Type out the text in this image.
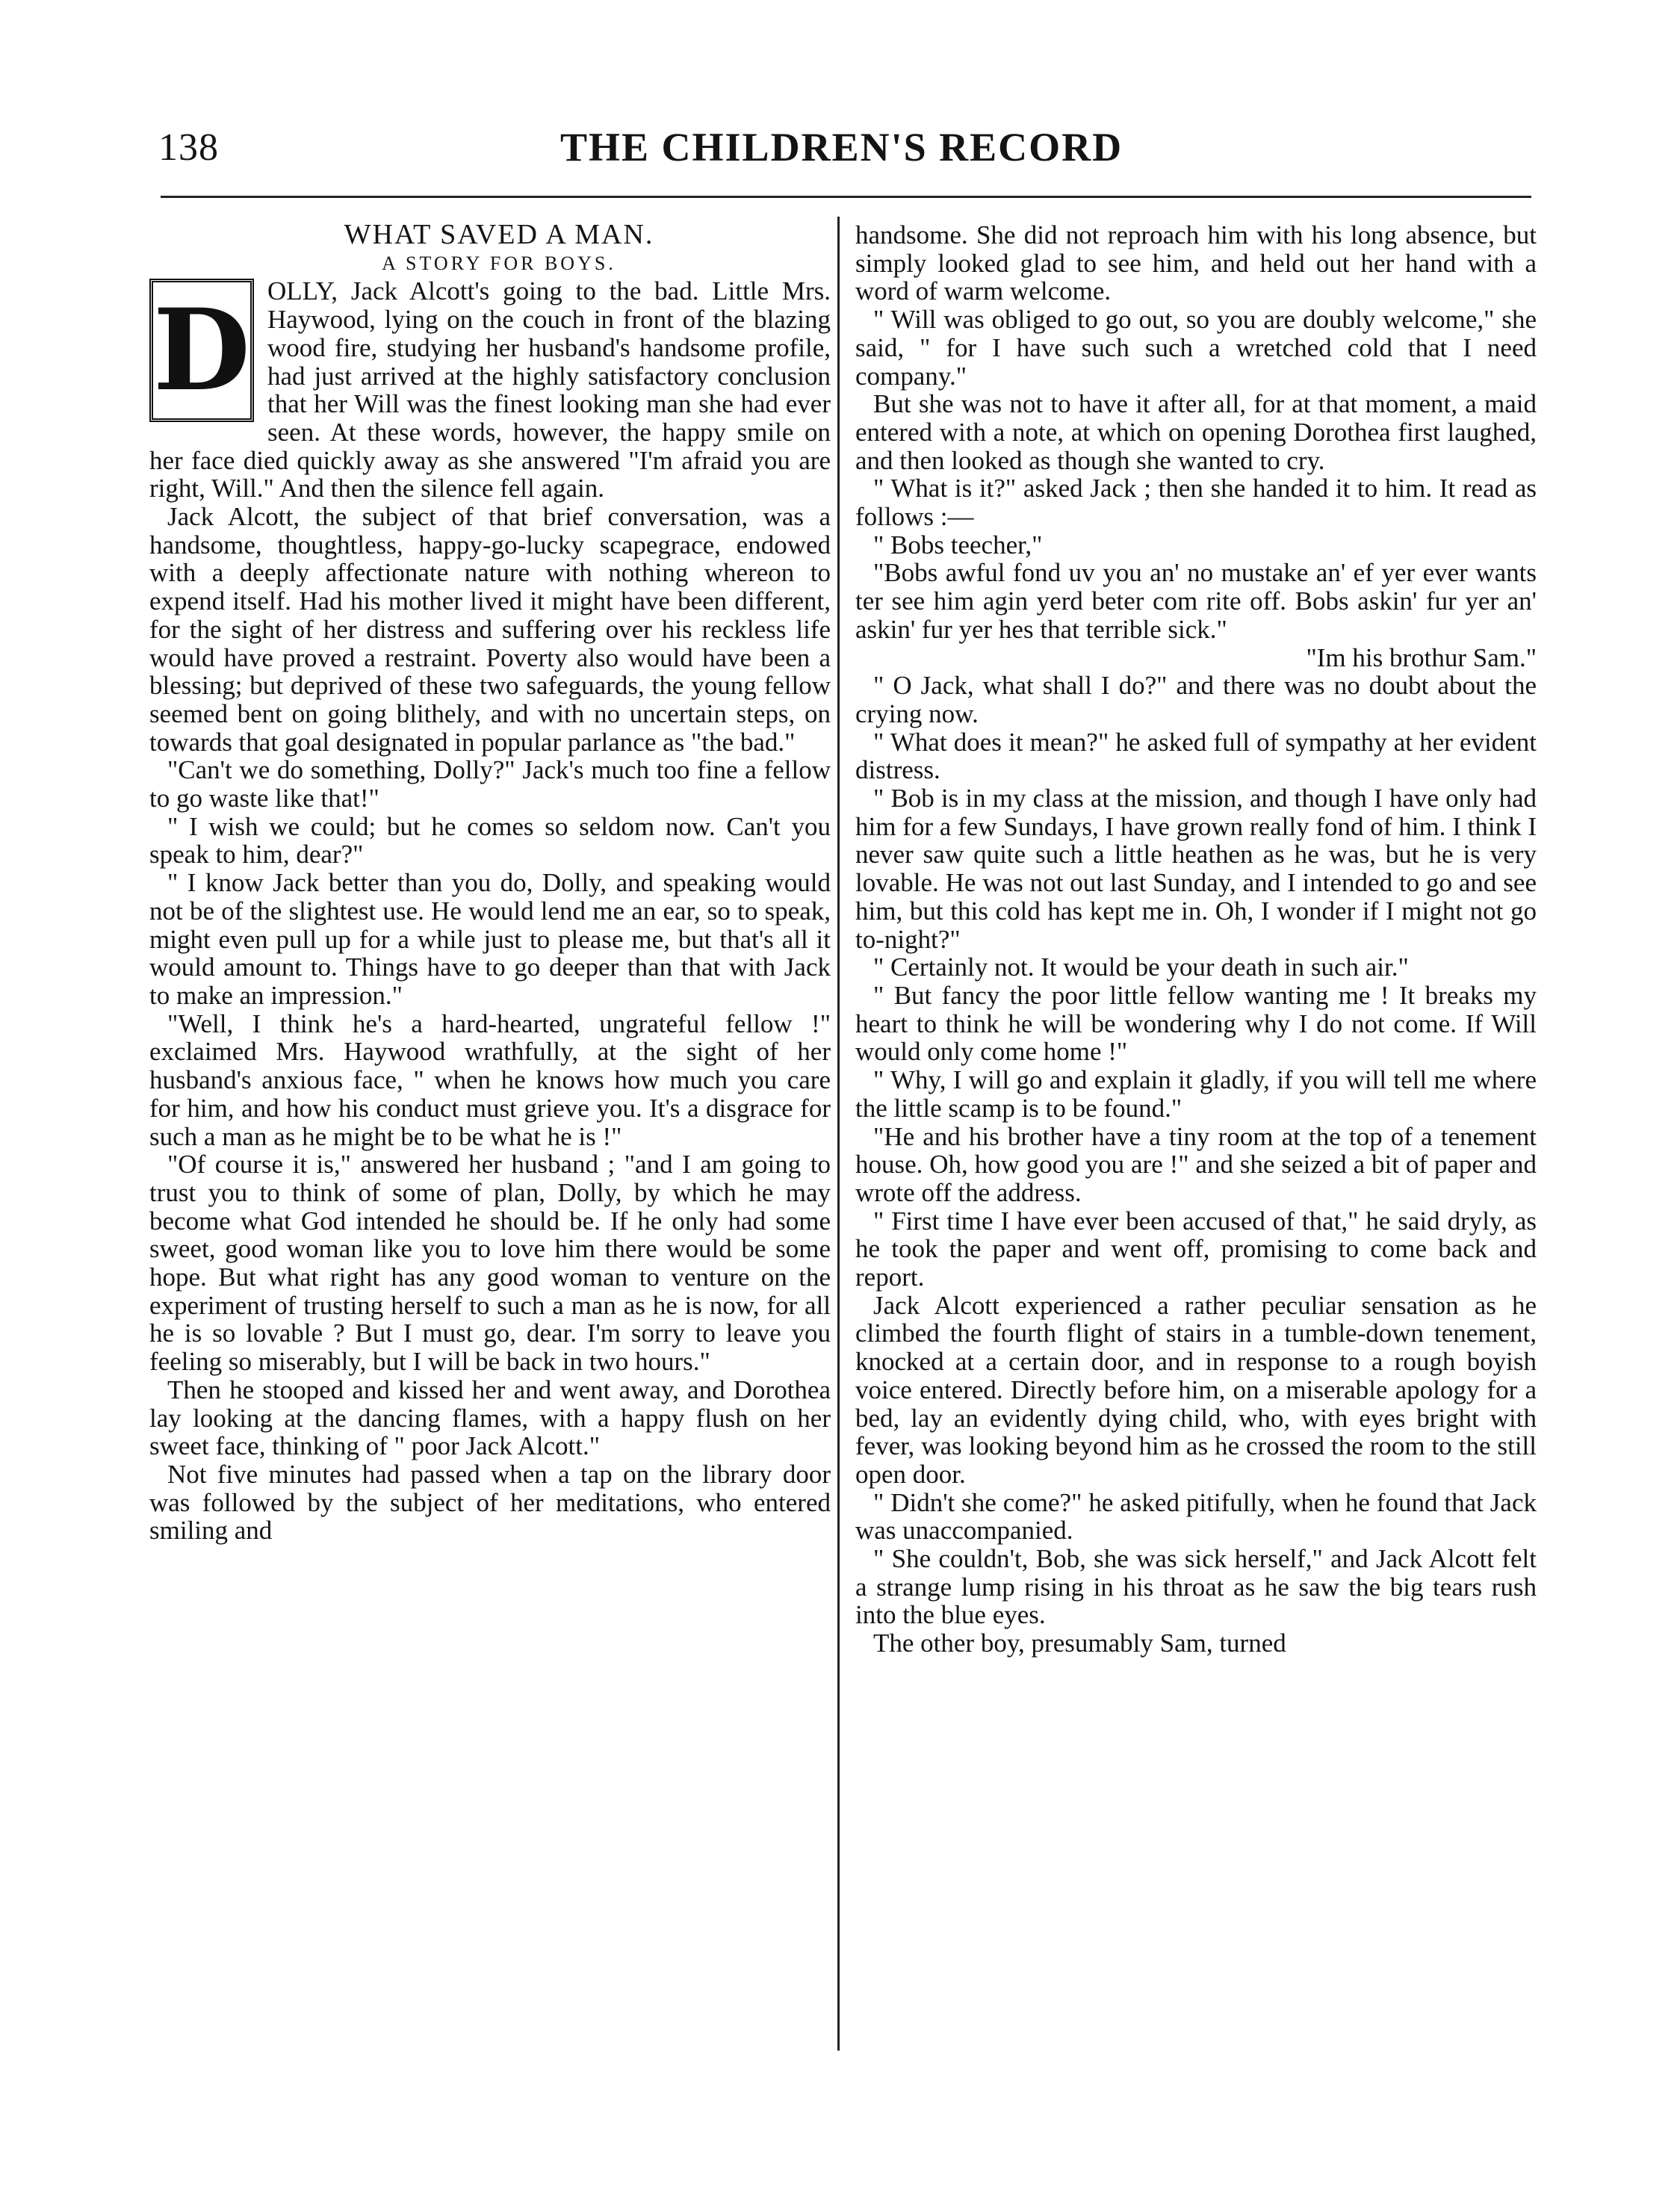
138	THE CHILDREN'S RECORD

WHAT SAVED A MAN.

A STORY FOR BOYS.

D OLLY, Jack Alcott's going to the bad. Little Mrs. Haywood, lying on the couch in front of the blazing wood fire, studying her husband's handsome profile, had just arrived at the highly satisfactory conclusion that her Will was the finest looking man she had ever seen. At these words, however, the happy smile on her face died quickly away as she answered "I'm afraid you are right, Will." And then the silence fell again.

Jack Alcott, the subject of that brief conversation, was a handsome, thoughtless, happy-go-lucky scapegrace, endowed with a deeply affectionate nature with nothing whereon to expend itself. Had his mother lived it might have been different, for the sight of her distress and suffering over his reckless life would have proved a restraint. Poverty also would have been a blessing; but deprived of these two safeguards, the young fellow seemed bent on going blithely, and with no uncertain steps, on towards that goal designated in popular parlance as "the bad."

"Can't we do something, Dolly?" Jack's much too fine a fellow to go waste like that!"

" I wish we could; but he comes so seldom now. Can't you speak to him, dear?"

" I know Jack better than you do, Dolly, and speaking would not be of the slightest use. He would lend me an ear, so to speak, might even pull up for a while just to please me, but that's all it would amount to. Things have to go deeper than that with Jack to make an impression."

"Well, I think he's a hard-hearted, ungrateful fellow !" exclaimed Mrs. Haywood wrathfully, at the sight of her husband's anxious face, " when he knows how much you care for him, and how his conduct must grieve you. It's a disgrace for such a man as he might be to be what he is !"

"Of course it is," answered her husband ; "and I am going to trust you to think of some of plan, Dolly, by which he may become what God intended he should be. If he only had some sweet, good woman like you to love him there would be some hope. But what right has any good woman to venture on the experiment of trusting herself to such a man as he is now, for all he is so lovable ? But I must go, dear. I'm sorry to leave you feeling so miserably, but I will be back in two hours."

Then he stooped and kissed her and went away, and Dorothea lay looking at the dancing flames, with a happy flush on her sweet face, thinking of " poor Jack Alcott."

Not five minutes had passed when a tap on the library door was followed by the subject of her meditations, who entered smiling and

handsome. She did not reproach him with his long absence, but simply looked glad to see him, and held out her hand with a word of warm welcome.

" Will was obliged to go out, so you are doubly welcome," she said, " for I have such such a wretched cold that I need company."

But she was not to have it after all, for at that moment, a maid entered with a note, at which on opening Dorothea first laughed, and then looked as though she wanted to cry.

" What is it?" asked Jack ; then she handed it to him. It read as follows :—

" Bobs teecher,"

"Bobs awful fond uv you an' no mustake an' ef yer ever wants ter see him agin yerd beter com rite off. Bobs askin' fur yer an' askin' fur yer hes that terrible sick."

"Im his brothur Sam."

" O Jack, what shall I do?" and there was no doubt about the crying now.

" What does it mean?" he asked full of sympathy at her evident distress.

" Bob is in my class at the mission, and though I have only had him for a few Sundays, I have grown really fond of him. I think I never saw quite such a little heathen as he was, but he is very lovable. He was not out last Sunday, and I intended to go and see him, but this cold has kept me in. Oh, I wonder if I might not go to-night?"

" Certainly not. It would be your death in such air."

" But fancy the poor little fellow wanting me ! It breaks my heart to think he will be wondering why I do not come. If Will would only come home !"

" Why, I will go and explain it gladly, if you will tell me where the little scamp is to be found."

"He and his brother have a tiny room at the top of a tenement house. Oh, how good you are !" and she seized a bit of paper and wrote off the address.

" First time I have ever been accused of that," he said dryly, as he took the paper and went off, promising to come back and report.

Jack Alcott experienced a rather peculiar sensation as he climbed the fourth flight of stairs in a tumble-down tenement, knocked at a certain door, and in response to a rough boyish voice entered. Directly before him, on a miserable apology for a bed, lay an evidently dying child, who, with eyes bright with fever, was looking beyond him as he crossed the room to the still open door.

" Didn't she come?" he asked pitifully, when he found that Jack was unaccompanied.

" She couldn't, Bob, she was sick herself," and Jack Alcott felt a strange lump rising in his throat as he saw the big tears rush into the blue eyes.

The other boy, presumably Sam, turned
